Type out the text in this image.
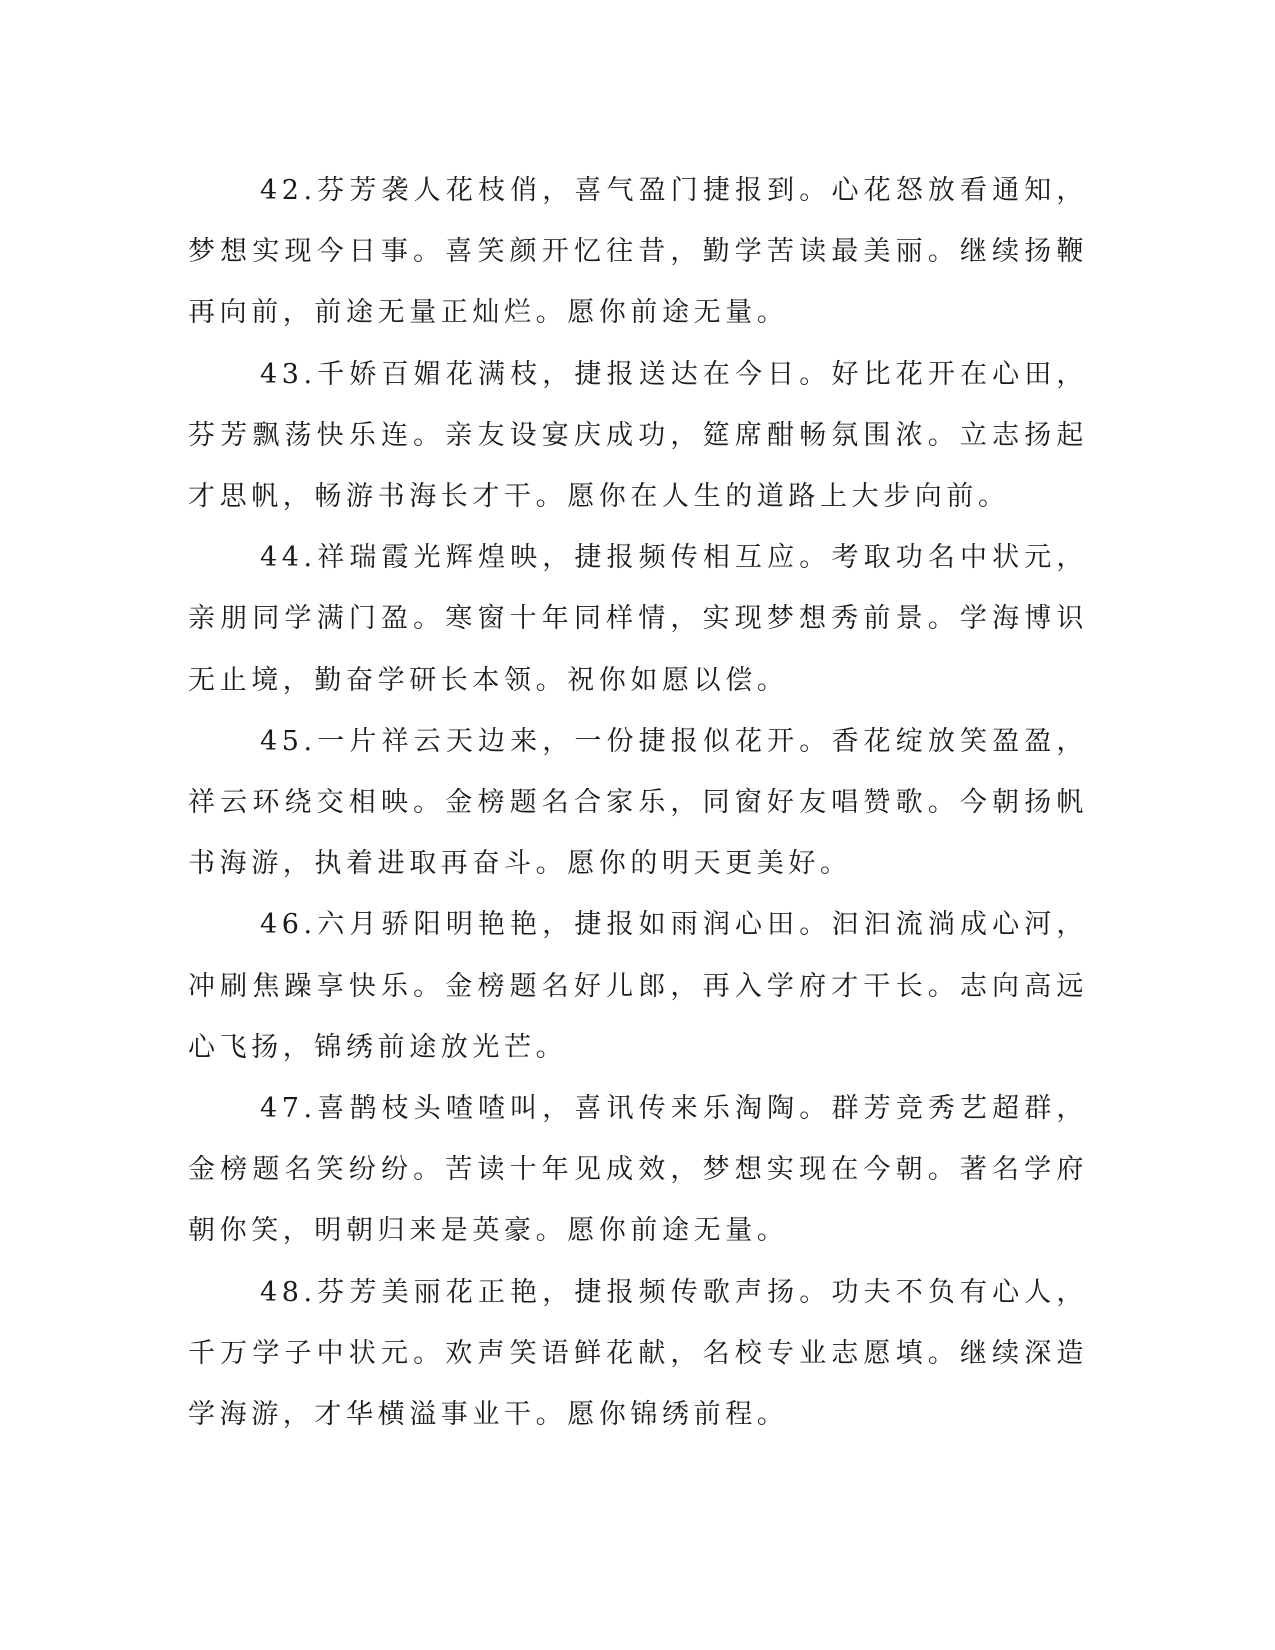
42.芬芳袭人花枝俏，喜气盈门捷报到。心花怒放看通知，梦想实现今日事。喜笑颜开忆往昔，勤学苦读最美丽。继续扬鞭再向前，前途无量正灿烂。愿你前途无量。

43.千娇百媚花满枝，捷报送达在今日。好比花开在心田，芬芳飘荡快乐连。亲友设宴庆成功，筵席酣畅氛围浓。立志扬起才思帆，畅游书海长才干。愿你在人生的道路上大步向前。

44.祥瑞霞光辉煌映，捷报频传相互应。考取功名中状元，亲朋同学满门盈。寒窗十年同样情，实现梦想秀前景。学海博识无止境，勤奋学研长本领。祝你如愿以偿。

45.一片祥云天边来，一份捷报似花开。香花绽放笑盈盈，祥云环绕交相映。金榜题名合家乐，同窗好友唱赞歌。今朝扬帆书海游，执着进取再奋斗。愿你的明天更美好。

46.六月骄阳明艳艳，捷报如雨润心田。汩汩流淌成心河，冲刷焦躁享快乐。金榜题名好儿郎，再入学府才干长。志向高远心飞扬，锦绣前途放光芒。

47.喜鹊枝头喳喳叫，喜讯传来乐淘陶。群芳竞秀艺超群，金榜题名笑纷纷。苦读十年见成效，梦想实现在今朝。著名学府朝你笑，明朝归来是英豪。愿你前途无量。

48.芬芳美丽花正艳，捷报频传歌声扬。功夫不负有心人，千万学子中状元。欢声笑语鲜花献，名校专业志愿填。继续深造学海游，才华横溢事业干。愿你锦绣前程。
